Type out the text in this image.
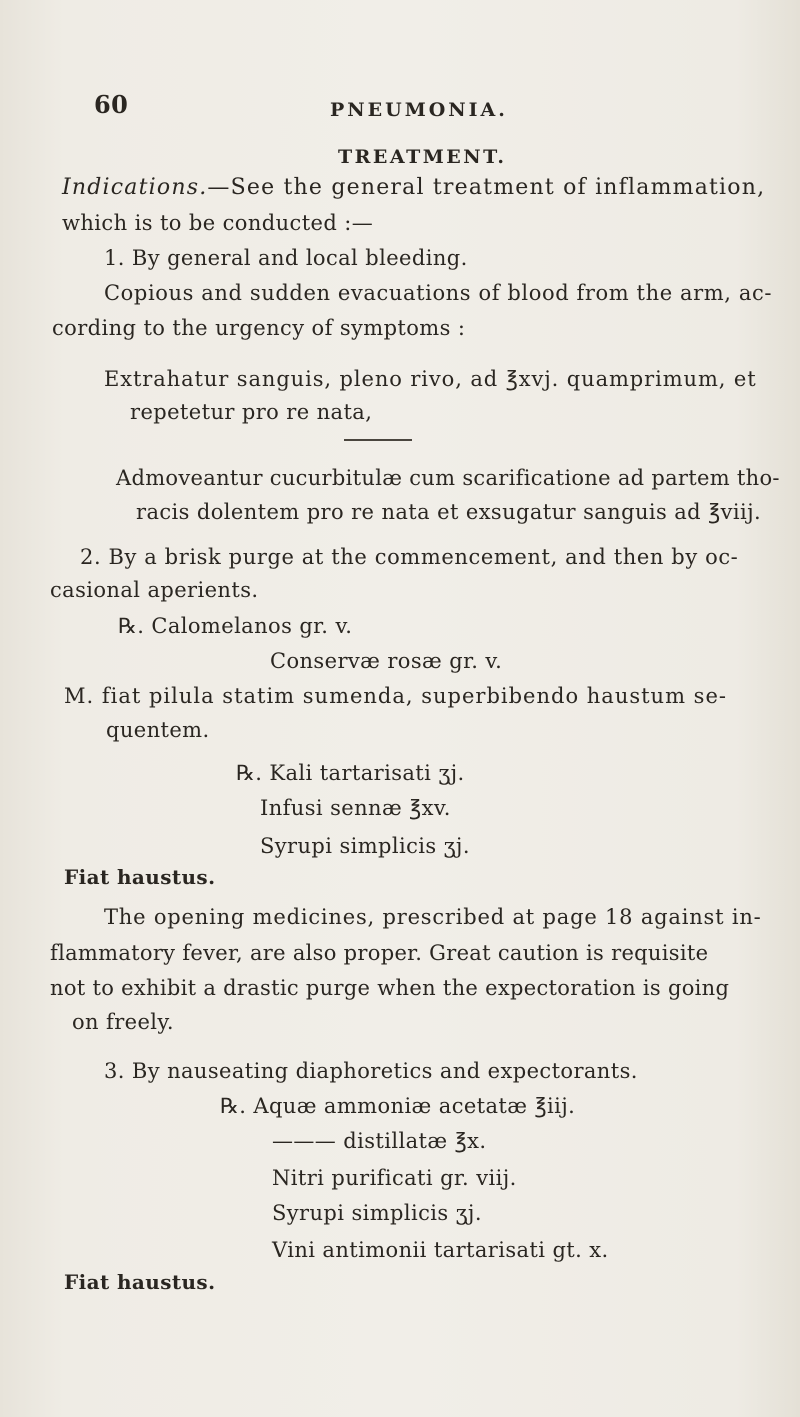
60	PNEUMONIA.
TREATMENT.
Indications.—See the general treatment of inflammation,
which is to be conducted :—
1. By general and local bleeding.
Copious and sudden evacuations of blood from the arm, ac-
cording to the urgency of symptoms :
Extrahatur sanguis, pleno rivo, ad ℥xvj. quamprimum, et
repetetur pro re nata,
Admoveantur cucurbitulæ cum scarificatione ad partem tho-
racis dolentem pro re nata et exsugatur sanguis ad ℥viij.
2. By a brisk purge at the commencement, and then by oc-
casional aperients.
℞. Calomelanos gr. v.
Conservæ rosæ gr. v.
M. fiat pilula statim sumenda, superbibendo haustum se-
quentem.
℞. Kali tartarisati ʒj.
Infusi sennæ ℥xv.
Syrupi simplicis ʒj.
Fiat haustus.
The opening medicines, prescribed at page 18 against in-
flammatory fever, are also proper. Great caution is requisite
not to exhibit a drastic purge when the expectoration is going
on freely.
3. By nauseating diaphoretics and expectorants.
℞. Aquæ ammoniæ acetatæ ℥iij.
——— distillatæ ℥x.
Nitri purificati gr. viij.
Syrupi simplicis ʒj.
Vini antimonii tartarisati gt. x.
Fiat haustus.
